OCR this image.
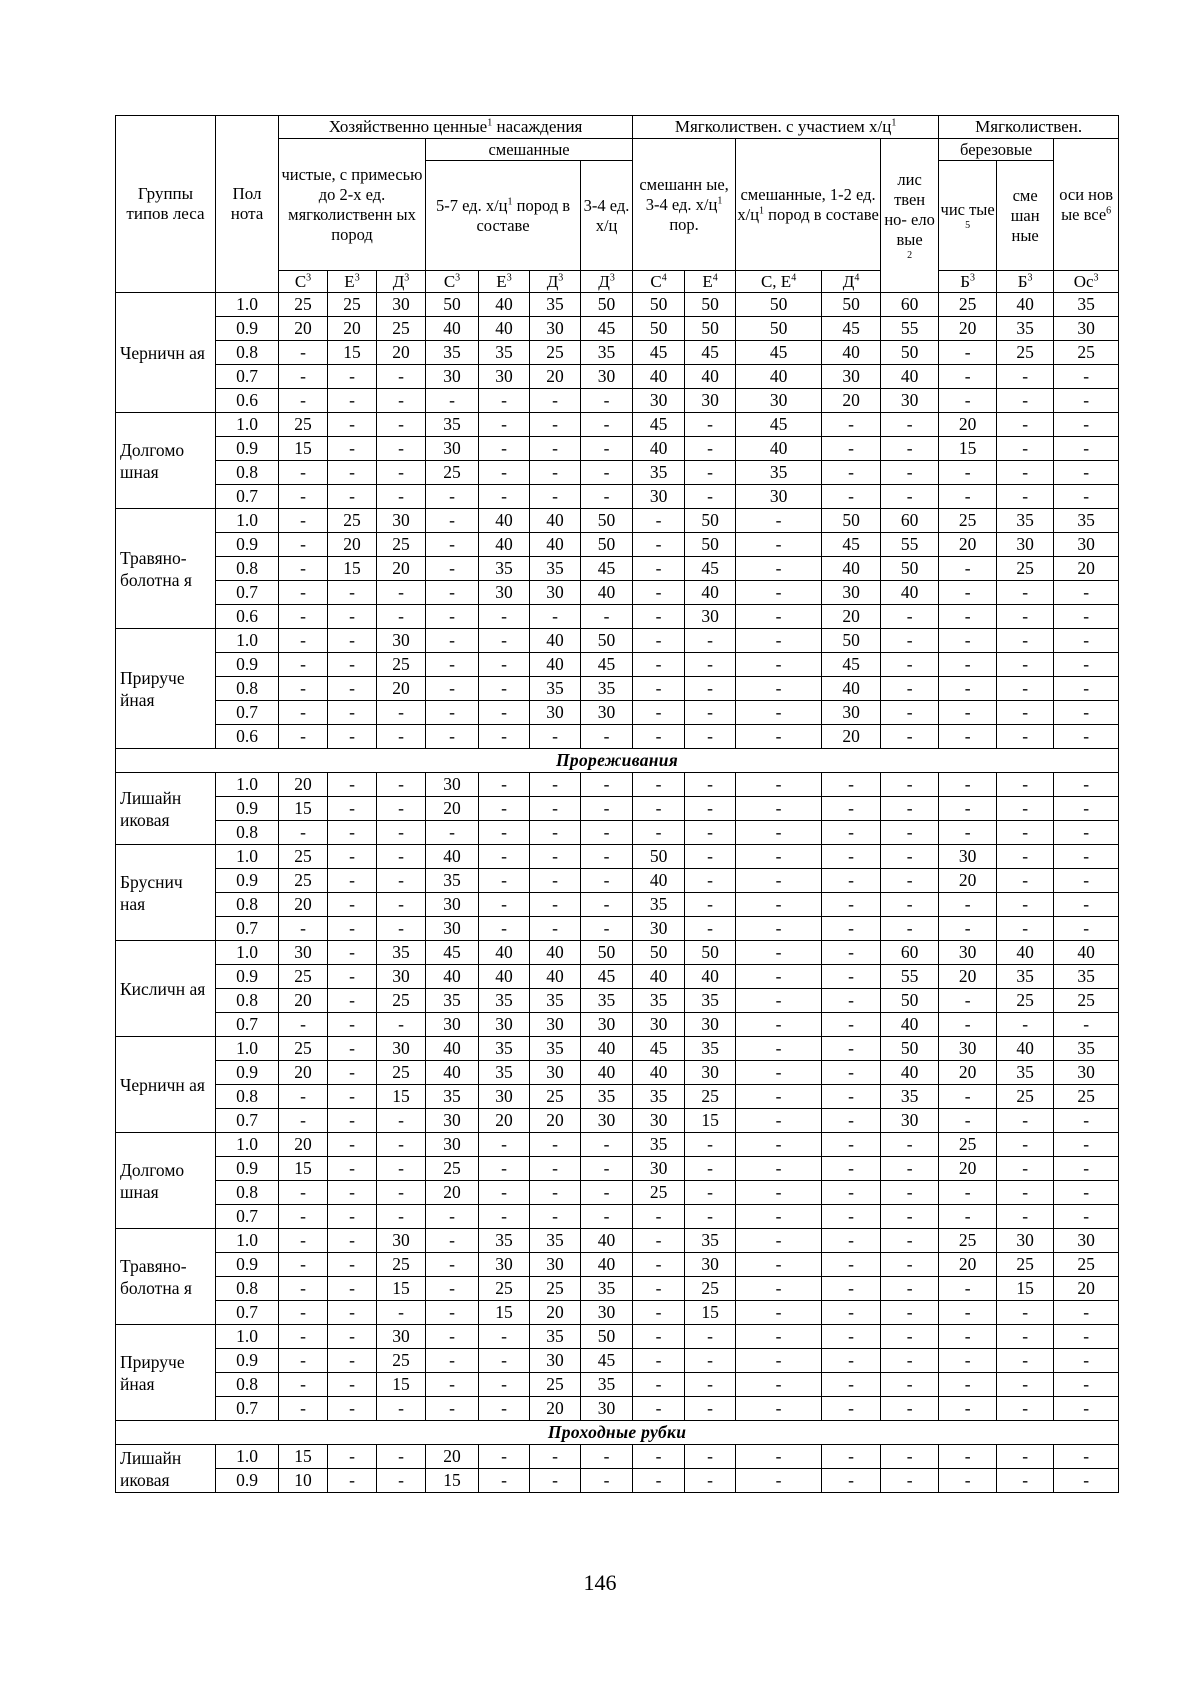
Группы типов леса	Пол нота	Хозяйственно ценные$^1$ насаждения							Мягколиствен. с участием $х/ц^1$					Мягколиствен.		
		чистые, с примесью до 2-х ед. мягколиственн ых пород			смешанные				смешанн ые, 3-4 ед. $х/ц^1$ пор.		смешанные, 1-2 ед. $х/ц^1$ пород в составе		лис твен но- ело вые
2	березовые		оси нов ые все$^6$
					5-7 ед. $х/ц^1$ пород в составе			3-4 ед. х/ц						чис тые
5	сме шан ные	
		$С^3$	$Е^3$	$Д^3$	$С^3$	$Е^3$	$Д^3$	$Д^3$	$С^4$	$Е^4$	С, $Е^4$	$Д^4$		$Б^3$	$Б^3$	$Ос^3$
Черничн ая	1.0	25	25	30	50	40	35	50	50	50	50	50	60	25	40	35
	0.9	20	20	25	40	40	30	45	50	50	50	45	55	20	35	30
	0.8	-	15	20	35	35	25	35	45	45	45	40	50	-	25	25
	0.7	-	-	-	30	30	20	30	40	40	40	30	40	-	-	-
	0.6	-	-	-	-	-	-	-	30	30	30	20	30	-	-	-
Долгомо шная	1.0	25	-	-	35	-	-	-	45	-	45	-	-	20	-	-
	0.9	15	-	-	30	-	-	-	40	-	40	-	-	15	-	-
	0.8	-	-	-	25	-	-	-	35	-	35	-	-	-	-	-
	0.7	-	-	-	-	-	-	-	30	-	30	-	-	-	-	-
Травяно- болотна я	1.0	-	25	30	-	40	40	50	-	50	-	50	60	25	35	35
	0.9	-	20	25	-	40	40	50	-	50	-	45	55	20	30	30
	0.8	-	15	20	-	35	35	45	-	45	-	40	50	-	25	20
	0.7	-	-	-	-	30	30	40	-	40	-	30	40	-	-	-
	0.6	-	-	-	-	-	-	-	-	30	-	20	-	-	-	-
Прируче йная	1.0	-	-	30	-	-	40	50	-	-	-	50	-	-	-	-
	0.9	-	-	25	-	-	40	45	-	-	-	45	-	-	-	-
	0.8	-	-	20	-	-	35	35	-	-	-	40	-	-	-	-
	0.7	-	-	-	-	-	30	30	-	-	-	30	-	-	-	-
	0.6	-	-	-	-	-	-	-	-	-	-	20	-	-	-	-
Прореживания																
Лишайн иковая	1.0	20	-	-	30	-	-	-	-	-	-	-	-	-	-	-
	0.9	15	-	-	20	-	-	-	-	-	-	-	-	-	-	-
	0.8	-	-	-	-	-	-	-	-	-	-	-	-	-	-	-
Бруснич ная	1.0	25	-	-	40	-	-	-	50	-	-	-	-	30	-	-
	0.9	25	-	-	35	-	-	-	40	-	-	-	-	20	-	-
	0.8	20	-	-	30	-	-	-	35	-	-	-	-	-	-	-
	0.7	-	-	-	30	-	-	-	30	-	-	-	-	-	-	-
Кисличн ая	1.0	30	-	35	45	40	40	50	50	50	-	-	60	30	40	40
	0.9	25	-	30	40	40	40	45	40	40	-	-	55	20	35	35
	0.8	20	-	25	35	35	35	35	35	35	-	-	50	-	25	25
	0.7	-	-	-	30	30	30	30	30	30	-	-	40	-	-	-
Черничн ая	1.0	25	-	30	40	35	35	40	45	35	-	-	50	30	40	35
	0.9	20	-	25	40	35	30	40	40	30	-	-	40	20	35	30
	0.8	-	-	15	35	30	25	35	35	25	-	-	35	-	25	25
	0.7	-	-	-	30	20	20	30	30	15	-	-	30	-	-	-
Долгомо шная	1.0	20	-	-	30	-	-	-	35	-	-	-	-	25	-	-
	0.9	15	-	-	25	-	-	-	30	-	-	-	-	20	-	-
	0.8	-	-	-	20	-	-	-	25	-	-	-	-	-	-	-
	0.7	-	-	-	-	-	-	-	-	-	-	-	-	-	-	-
Травяно- болотна я	1.0	-	-	30	-	35	35	40	-	35	-	-	-	25	30	30
	0.9	-	-	25	-	30	30	40	-	30	-	-	-	20	25	25
	0.8	-	-	15	-	25	25	35	-	25	-	-	-	-	15	20
	0.7	-	-	-	-	15	20	30	-	15	-	-	-	-	-	-
Прируче йная	1.0	-	-	30	-	-	35	50	-	-	-	-	-	-	-	-
	0.9	-	-	25	-	-	30	45	-	-	-	-	-	-	-	-
	0.8	-	-	15	-	-	25	35	-	-	-	-	-	-	-	-
	0.7	-	-	-	-	-	20	30	-	-	-	-	-	-	-	-
Проходные рубки																
Лишайн иковая	1.0	15	-	-	20	-	-	-	-	-	-	-	-	-	-	-
	0.9	10	-	-	15	-	-	-	-	-	-	-	-	-	-	-
146
